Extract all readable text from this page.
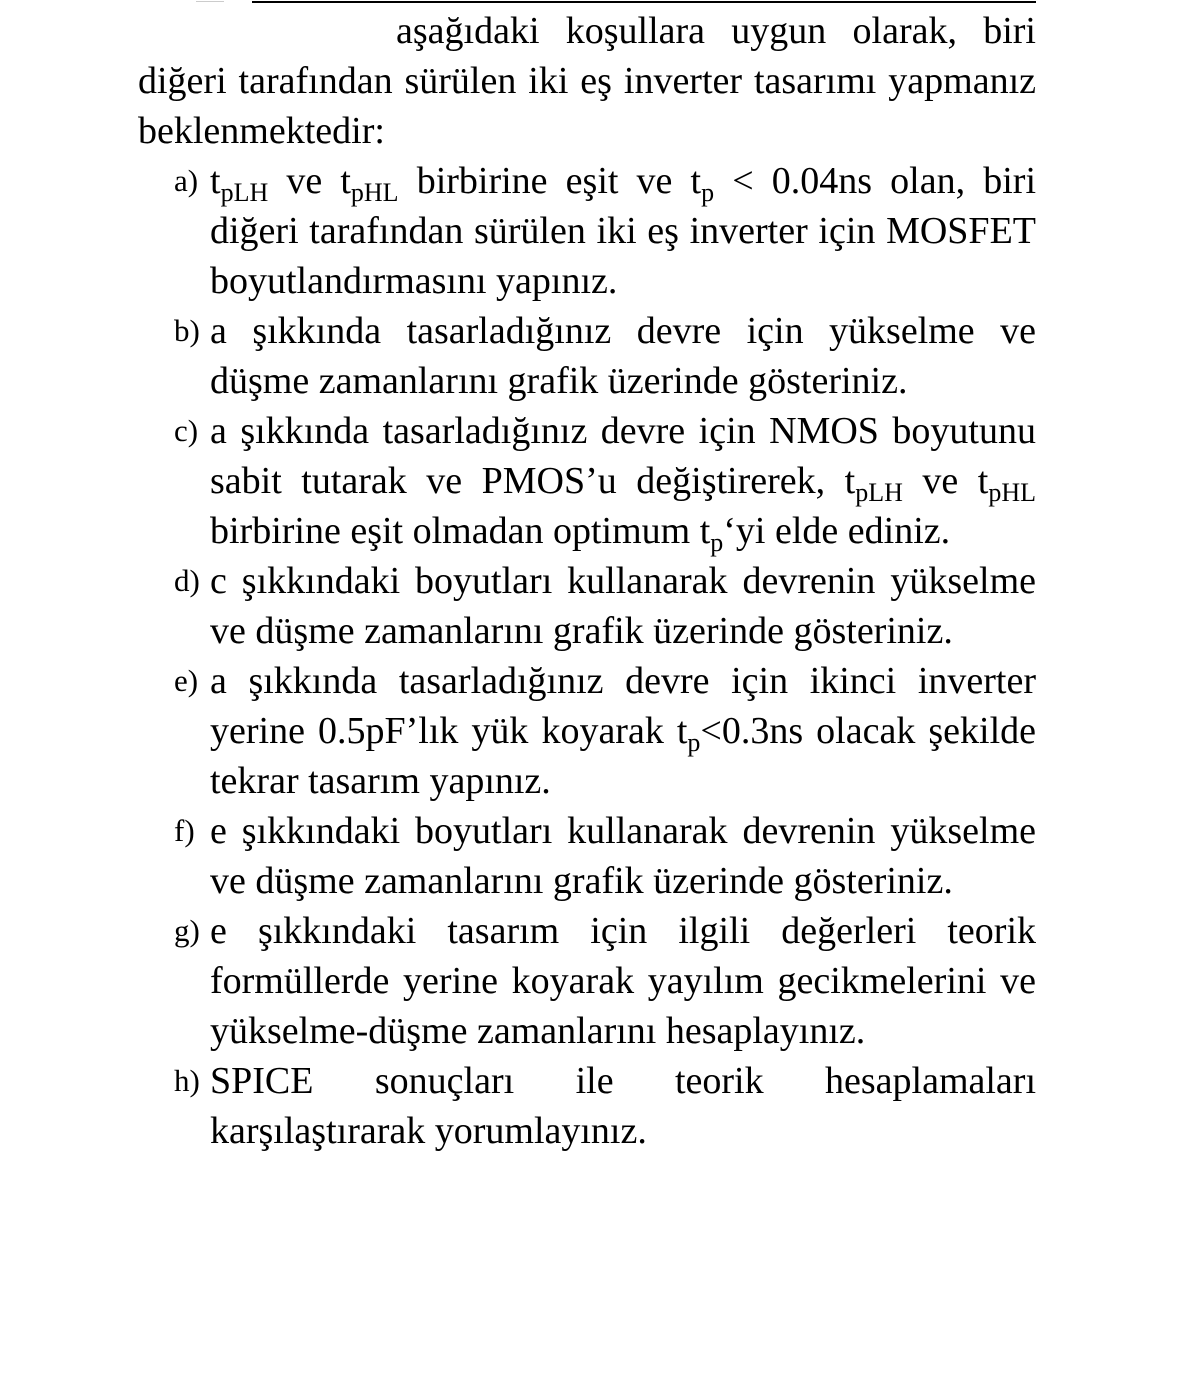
aşağıdaki koşullara uygun olarak, biri diğeri tarafından sürülen iki eş inverter tasarımı yapmanız beklenmektedir:

a) $t_{pLH}$ ve $t_{pHL}$ birbirine eşit ve $t_p < 0.04ns$ olan, biri diğeri tarafından sürülen iki eş inverter için MOSFET boyutlandırmasını yapınız.
b) a şıkkında tasarladığınız devre için yükselme ve düşme zamanlarını grafik üzerinde gösteriniz.
c) a şıkkında tasarladığınız devre için NMOS boyutunu sabit tutarak ve PMOS’u değiştirerek, $t_{pLH}$ ve $t_{pHL}$ birbirine eşit olmadan optimum $t_p‘yi$ elde ediniz.
d) c şıkkındaki boyutları kullanarak devrenin yükselme ve düşme zamanlarını grafik üzerinde gösteriniz.
e) a şıkkında tasarladığınız devre için ikinci inverter yerine 0.5pF’lık yük koyarak $t_p<0.3ns$ olacak şekilde tekrar tasarım yapınız.
f) e şıkkındaki boyutları kullanarak devrenin yükselme ve düşme zamanlarını grafik üzerinde gösteriniz.
g) e şıkkındaki tasarım için ilgili değerleri teorik formüllerde yerine koyarak yayılım gecikmelerini ve yükselme-düşme zamanlarını hesaplayınız.
h) SPICE sonuçları ile teorik hesaplamaları karşılaştırarak yorumlayınız.
